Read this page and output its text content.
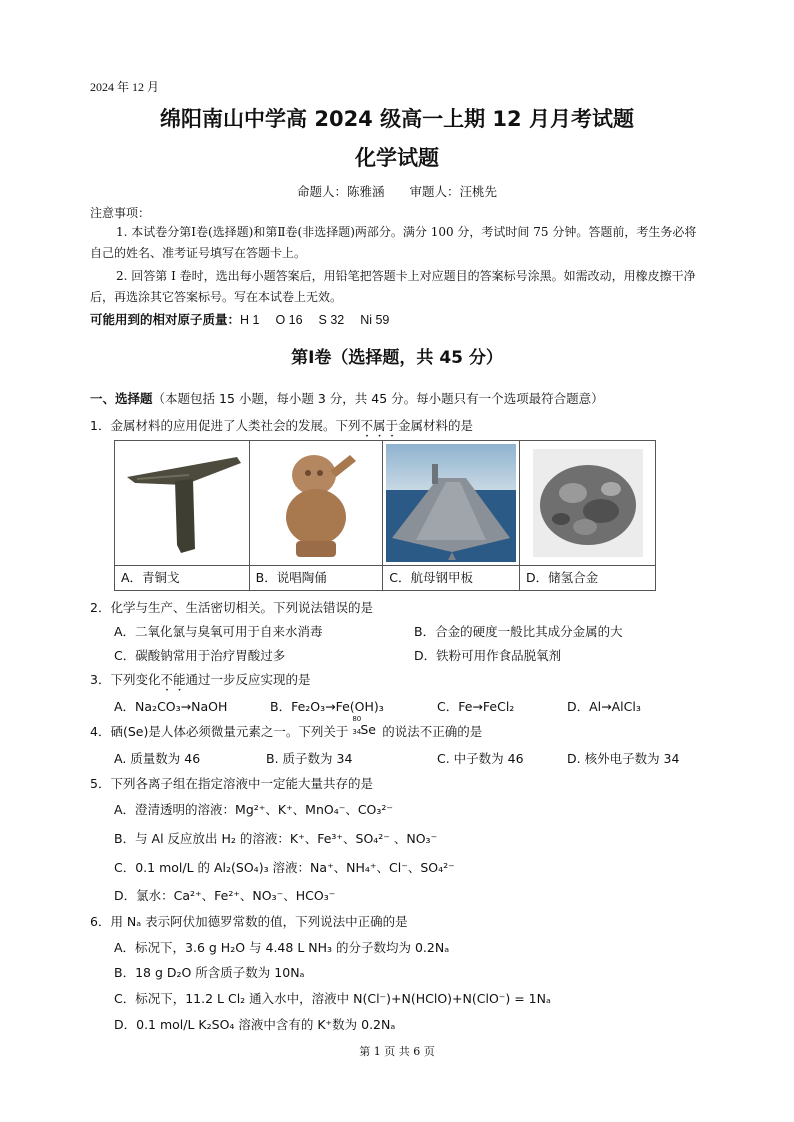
2024 年 12 月
绵阳南山中学高 2024 级高一上期 12 月月考试题
化学试题
命题人：陈雅涵　　审题人：汪桃先
注意事项：
1. 本试卷分第Ⅰ卷(选择题)和第Ⅱ卷(非选择题)两部分。满分 100 分，考试时间 75 分钟。答题前，考生务必将自己的姓名、准考证号填写在答题卡上。
2. 回答第 Ⅰ 卷时，选出每小题答案后，用铅笔把答题卡上对应题目的答案标号涂黑。如需改动，用橡皮擦干净后，再选涂其它答案标号。写在本试卷上无效。
可能用到的相对原子质量：H 1　 O 16　 S 32　 Ni 59
第Ⅰ卷（选择题，共 45 分）
一、选择题（本题包括 15 小题，每小题 3 分，共 45 分。每小题只有一个选项最符合题意）
1．金属材料的应用促进了人类社会的发展。下列不属于金属材料的是
A．青铜戈	B．说唱陶俑	C．航母钢甲板	D．储氢合金
2．化学与生产、生活密切相关。下列说法错误的是
A．二氧化氯与臭氧可用于自来水消毒	B．合金的硬度一般比其成分金属的大
C．碳酸钠常用于治疗胃酸过多	D．铁粉可用作食品脱氧剂
3．下列变化不能通过一步反应实现的是
A．Na₂CO₃→NaOH	B．Fe₂O₃→Fe(OH)₃	C．Fe→FeCl₂	D．Al→AlCl₃
4．硒(Se)是人体必须微量元素之一。下列关于
80
34 Se 的说法不正确的是
A. 质量数为 46	B. 质子数为 34	C. 中子数为 46	D. 核外电子数为 34
5．下列各离子组在指定溶液中一定能大量共存的是
A．澄清透明的溶液：Mg²⁺、K⁺、MnO₄⁻、CO₃²⁻
B．与 Al 反应放出 H₂ 的溶液：K⁺、Fe³⁺、SO₄²⁻ 、NO₃⁻
C．0.1 mol/L 的 Al₂(SO₄)₃ 溶液：Na⁺、NH₄⁺、Cl⁻、SO₄²⁻
D．氯水：Ca²⁺、Fe²⁺、NO₃⁻、HCO₃⁻
6．用 Nₐ 表示阿伏加德罗常数的值，下列说法中正确的是
A．标况下，3.6 g H₂O 与 4.48 L NH₃ 的分子数均为 0.2Nₐ
B．18 g D₂O 所含质子数为 10Nₐ
C．标况下，11.2 L Cl₂ 通入水中，溶液中 N(Cl⁻)+N(HClO)+N(ClO⁻) = 1Nₐ
D．0.1 mol/L K₂SO₄ 溶液中含有的 K⁺数为 0.2Nₐ
第 1 页 共 6 页
